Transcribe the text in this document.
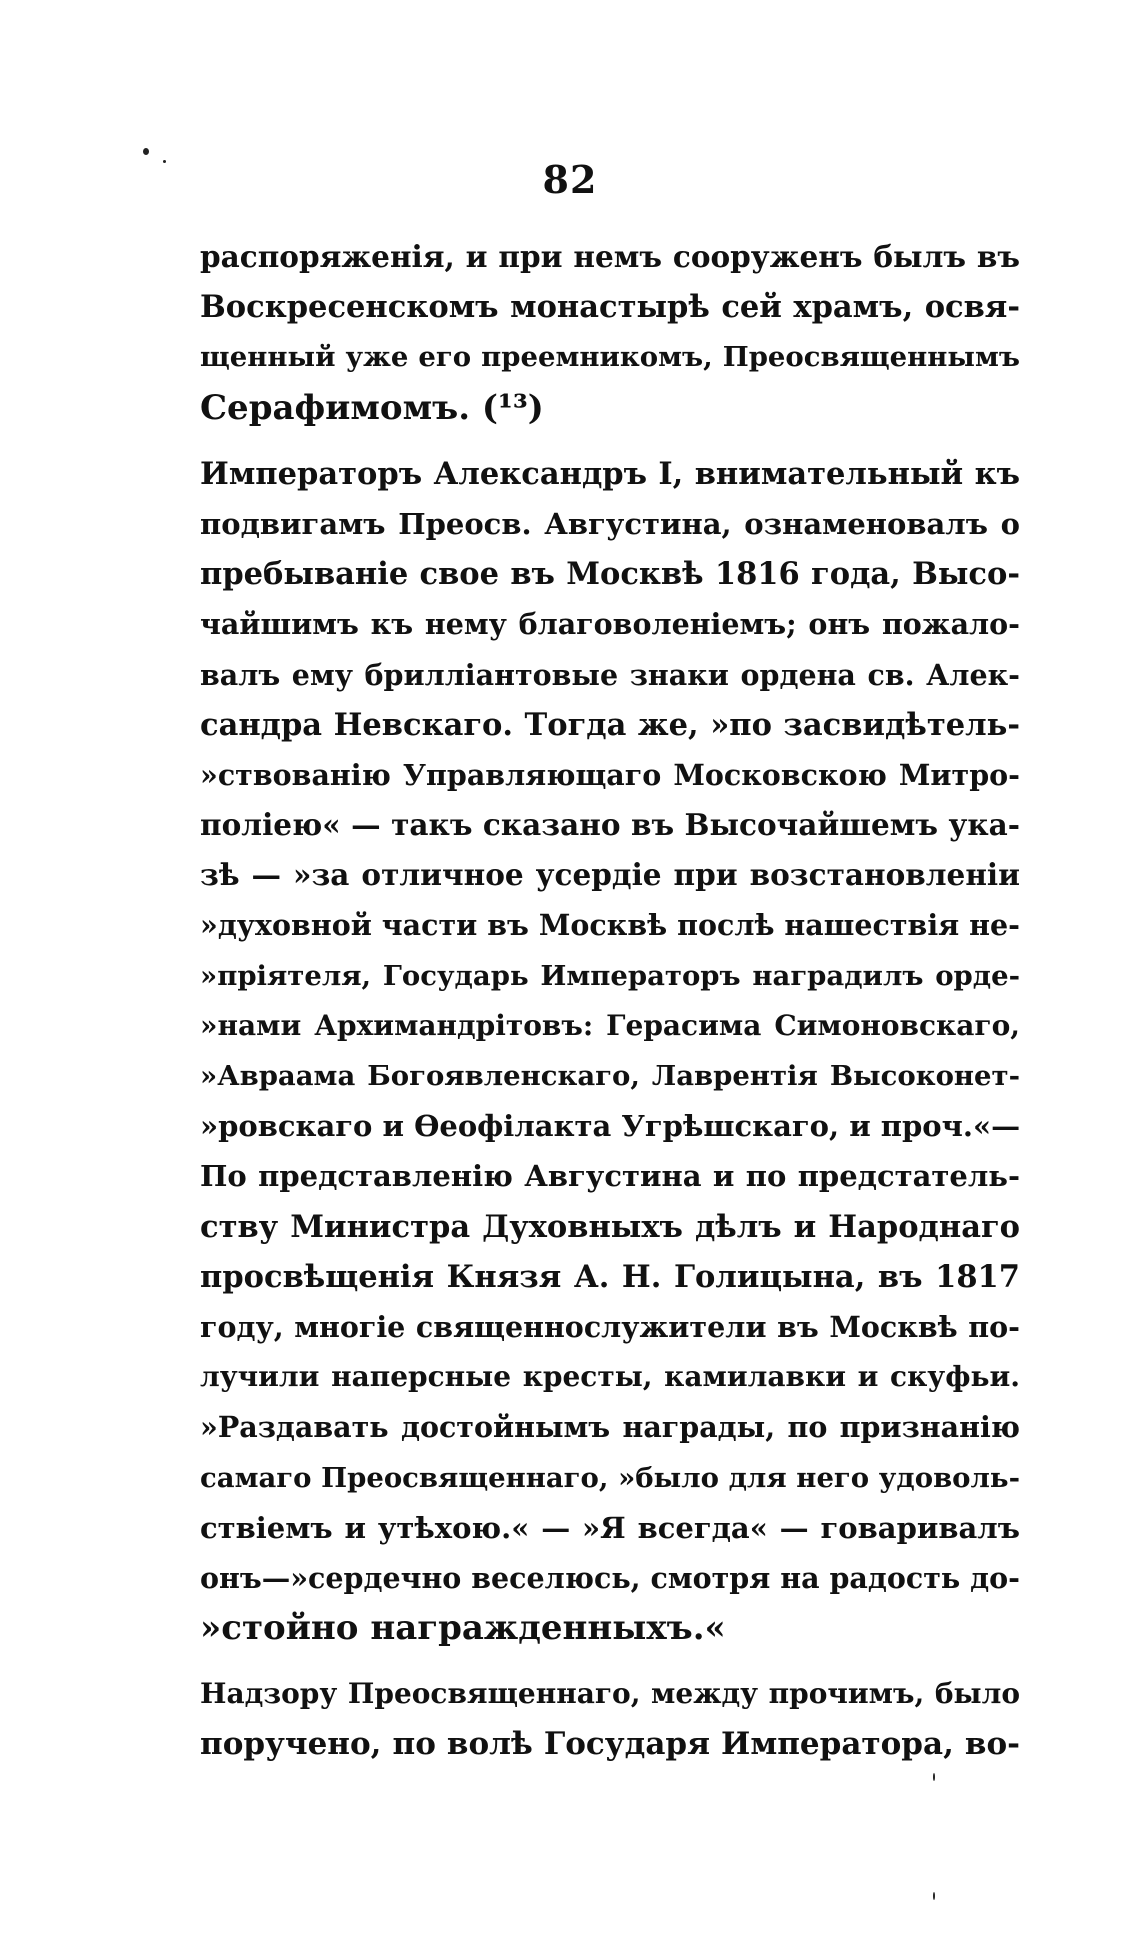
82
распоряженія, и при немъ сооруженъ былъ въ
Воскресенскомъ монастырѣ сей храмъ, освя-
щенный уже его преемникомъ, Преосвященнымъ
Серафимомъ. (¹³)
Императоръ Александръ I, внимательный къ
подвигамъ Преосв. Августина, ознаменовалъ о
пребываніе свое въ Москвѣ 1816 года, Высо-
чайшимъ къ нему благоволеніемъ; онъ пожало-
валъ ему брилліантовые знаки ордена св. Алек-
сандра Невскаго. Тогда же, »по засвидѣтель-
»ствованію Управляющаго Московскою Митро-
поліею« — такъ сказано въ Высочайшемъ ука-
зѣ — »за отличное усердіе при возстановленіи
»духовной части въ Москвѣ послѣ нашествія не-
»пріятеля, Государь Императоръ наградилъ орде-
»нами Архимандрітовъ: Герасима Симоновскаго,
»Авраама Богоявленскаго, Лаврентія Высоконет-
»ровскаго и Ѳеофілакта Угрѣшскаго, и проч.«—
По представленію Августина и по предстатель-
ству Министра Духовныхъ дѣлъ и Народнаго
просвѣщенія Князя А. Н. Голицына, въ 1817
году, многіе священнослужители въ Москвѣ по-
лучили наперсные кресты, камилавки и скуфьи.
»Раздавать достойнымъ награды, по признанію
самаго Преосвященнаго, »было для него удоволь-
ствіемъ и утѣхою.« — »Я всегда« — говаривалъ
онъ—»сердечно веселюсь, смотря на радость до-
»стойно награжденныхъ.«
Надзору Преосвященнаго, между прочимъ, было
поручено, по волѣ Государя Императора, во-
